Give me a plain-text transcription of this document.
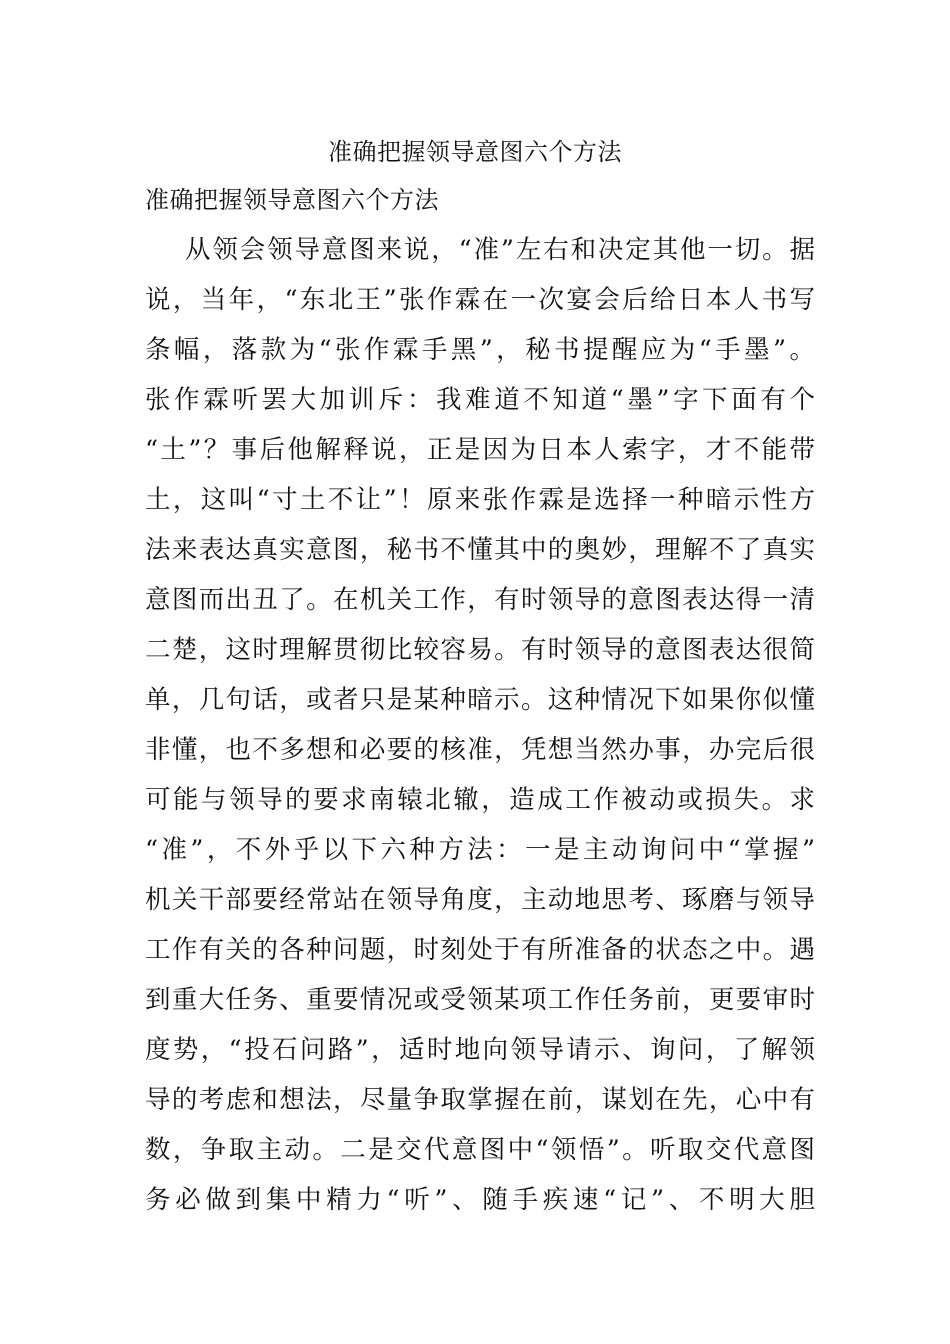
准确把握领导意图六个方法
准确把握领导意图六个方法
从领会领导意图来说，“准”左右和决定其他一切。据
说，当年，“东北王”张作霖在一次宴会后给日本人书写
条幅，落款为“张作霖手黑”，秘书提醒应为“手墨”。
张作霖听罢大加训斥：我难道不知道“墨”字下面有个
“土”？事后他解释说，正是因为日本人索字，才不能带
土，这叫“寸土不让”！原来张作霖是选择一种暗示性方
法来表达真实意图，秘书不懂其中的奥妙，理解不了真实
意图而出丑了。在机关工作，有时领导的意图表达得一清
二楚，这时理解贯彻比较容易。有时领导的意图表达很简
单，几句话，或者只是某种暗示。这种情况下如果你似懂
非懂，也不多想和必要的核准，凭想当然办事，办完后很
可能与领导的要求南辕北辙，造成工作被动或损失。求
“准”，不外乎以下六种方法：一是主动询问中“掌握”
机关干部要经常站在领导角度，主动地思考、琢磨与领导
工作有关的各种问题，时刻处于有所准备的状态之中。遇
到重大任务、重要情况或受领某项工作任务前，更要审时
度势，“投石问路”，适时地向领导请示、询问，了解领
导的考虑和想法，尽量争取掌握在前，谋划在先，心中有
数，争取主动。二是交代意图中“领悟”。听取交代意图
务必做到集中精力“听”、随手疾速“记”、不明大胆
